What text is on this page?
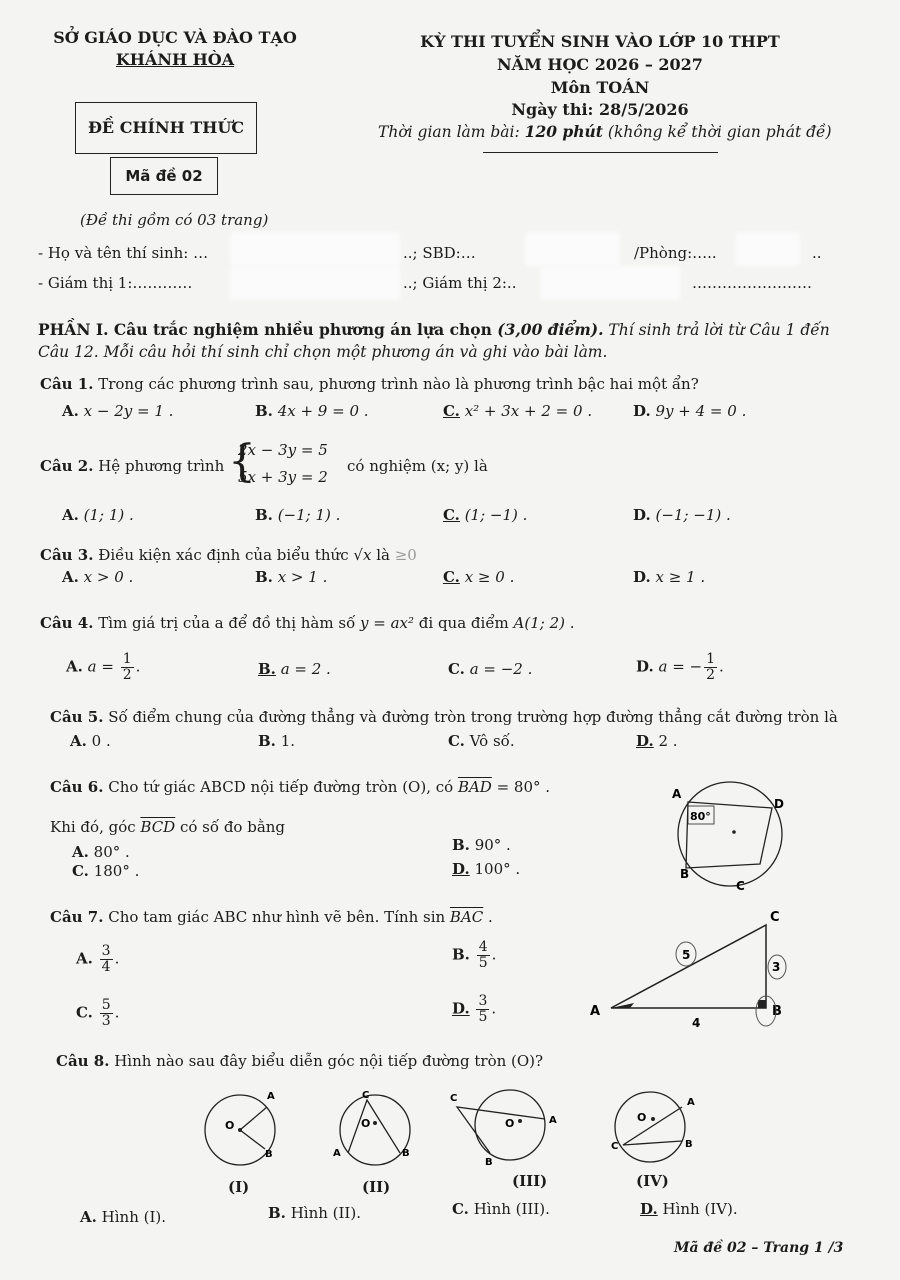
SỞ GIÁO DỤC VÀ ĐÀO TẠO
KHÁNH HÒA
KỲ THI TUYỂN SINH VÀO LỚP 10 THPT
NĂM HỌC 2026 – 2027
Môn TOÁN
Ngày thi: 28/5/2026
Thời gian làm bài: 120 phút (không kể thời gian phát đề)
ĐỀ CHÍNH THỨC
Mã đề 02
(Đề thi gồm có 03 trang)
- Họ và tên thí sinh: …	..; SBD:…	/Phòng:…..	..
- Giám thị 1:…………	..; Giám thị 2:..	……………………
PHẦN I. Câu trắc nghiệm nhiều phương án lựa chọn (3,00 điểm). Thí sinh trả lời từ Câu 1 đến
Câu 12. Mỗi câu hỏi thí sinh chỉ chọn một phương án và ghi vào bài làm.
Câu 1. Trong các phương trình sau, phương trình nào là phương trình bậc hai một ẩn?
A. x − 2y = 1 .	B. 4x + 9 = 0 .	C. x² + 3x + 2 = 0 .	D. 9y + 4 = 0 .
Câu 2. Hệ phương trình {
2x − 3y = 5
5x + 3y = 2
có nghiệm (x; y) là
A. (1; 1) .	B. (−1; 1) .	C. (1; −1) .	D. (−1; −1) .
Câu 3. Điều kiện xác định của biểu thức √x là ≥0
A. x > 0 .	B. x > 1 .	C. x ≥ 0 .	D. x ≥ 1 .
Câu 4. Tìm giá trị của a để đồ thị hàm số y = ax² đi qua điểm A(1; 2) .
A. $a = \frac{1}{2}$ .	B. a = 2 .	C. a = −2 .	D. a = − $\frac{1}{2}$ .
Câu 5. Số điểm chung của đường thẳng và đường tròn trong trường hợp đường thẳng cắt đường tròn là
A. 0 .	B. 1.	C. Vô số.	D. 2 .
Câu 6. Cho tứ giác ABCD nội tiếp đường tròn (O), có $\overline{BAD} = 80^\circ$ .
Khi đó, góc $\overline{BCD}$ có số đo bằng
A. 80° .	B. 90° .
C. 180° .	D. 100° .
A
D
B
C
80°
Câu 7. Cho tam giác ABC như hình vẽ bên. Tính $\sin \overline{BAC}$ .
A. $\frac{3}{4}$ .	B. $\frac{4}{5}$ .
C. $\frac{5}{3}$ .	D. $\frac{3}{5}$ .
C
A	B
5
3
4
Câu 8. Hình nào sau đây biểu diễn góc nội tiếp đường tròn (O)?
O
A
B
O
C
A	B
O
C
A
B
O
A
C	B
(I)	(II)	(III)	(IV)
A. Hình (I).	B. Hình (II).	C. Hình (III).	D. Hình (IV).
Mã đề 02 – Trang 1 /3
